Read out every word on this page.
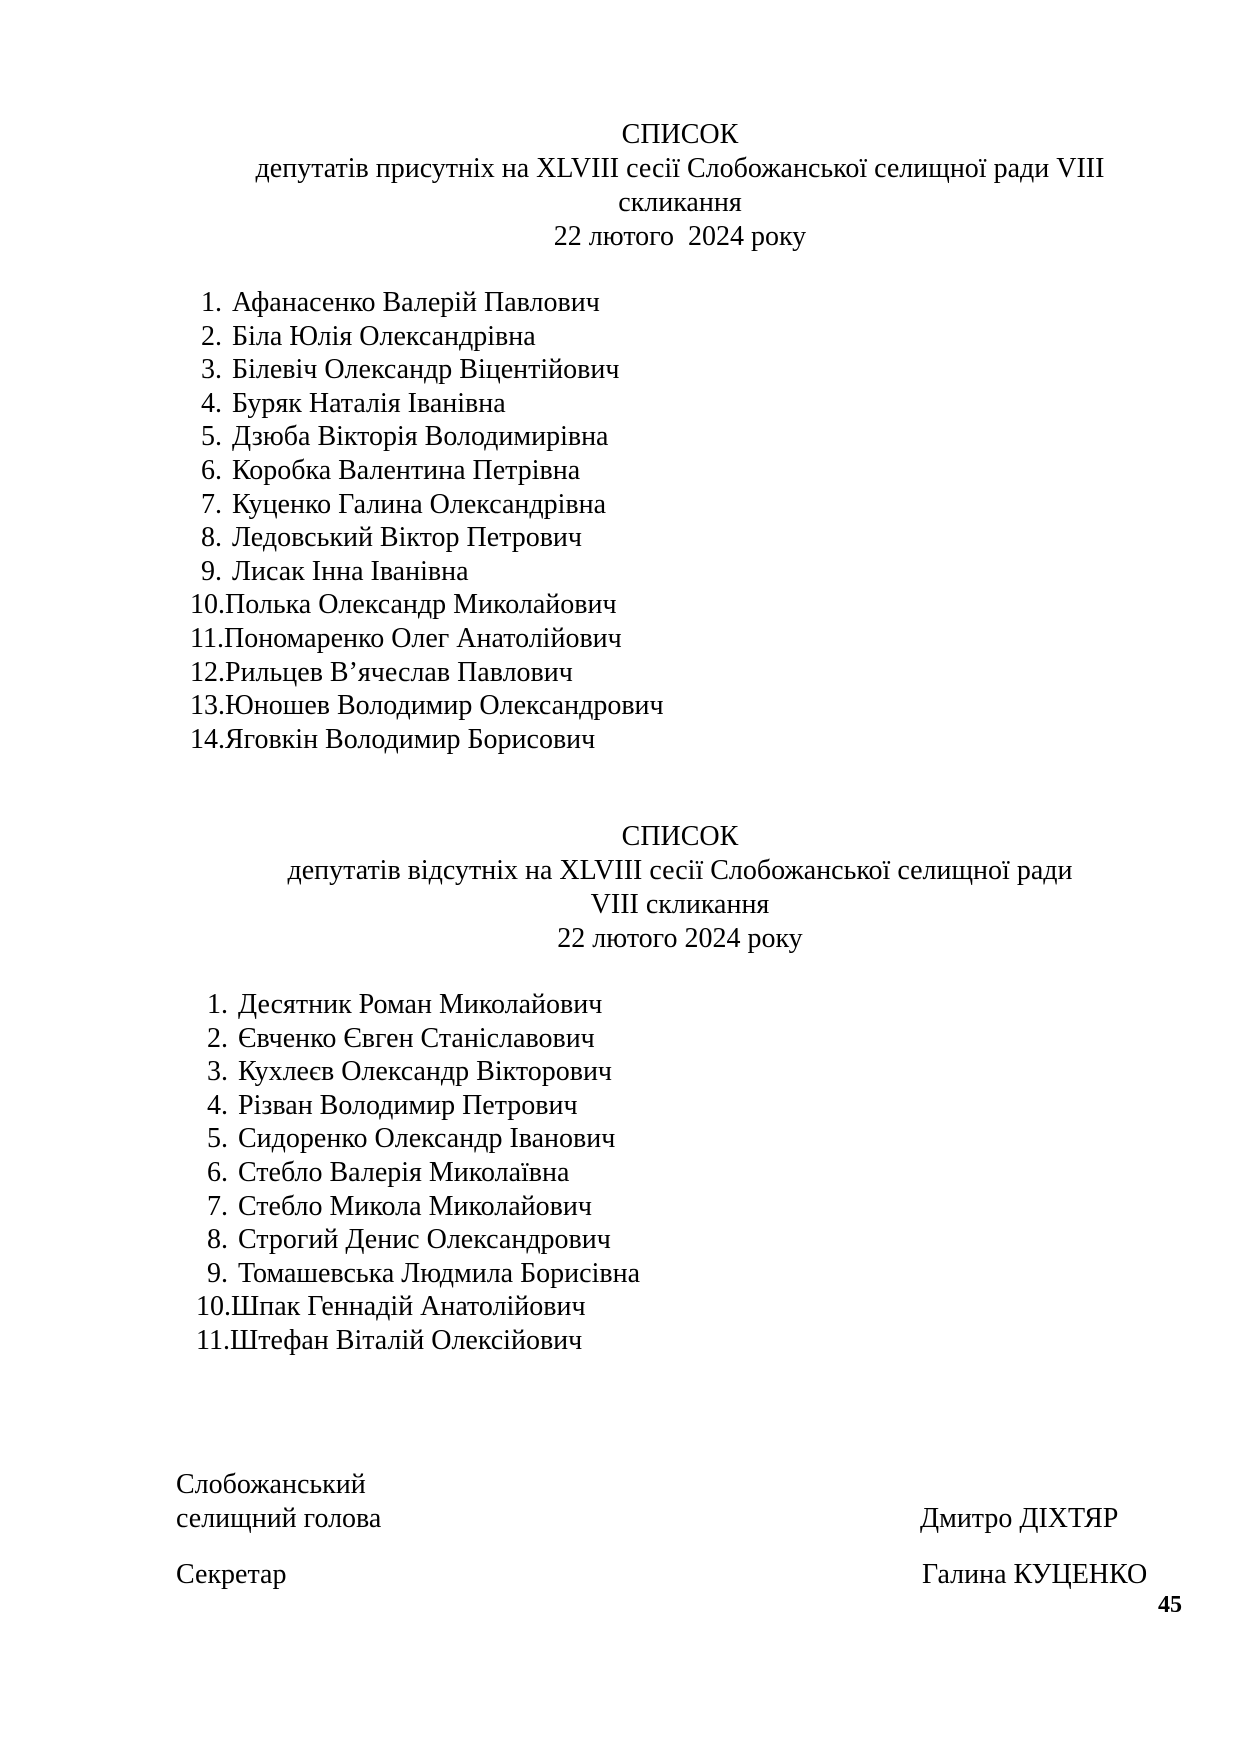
СПИСОК
депутатів присутніх на XLVIII сесії Слобожанської селищної ради VIII
скликання
22 лютого  2024 року
1. Афанасенко Валерій Павлович
2. Біла Юлія Олександрівна
3. Білевіч Олександр Віцентійович
4. Буряк Наталія Іванівна
5. Дзюба Вікторія Володимирівна
6. Коробка Валентина Петрівна
7. Куценко Галина Олександрівна
8. Ледовський Віктор Петрович
9. Лисак Інна Іванівна
10. Полька Олександр Миколайович
11. Пономаренко Олег Анатолійович
12. Рильцев В’ячеслав Павлович
13. Юношев Володимир Олександрович
14. Яговкін Володимир Борисович
СПИСОК
депутатів відсутніх на XLVIII сесії Слобожанської селищної ради
VIII скликання
22 лютого 2024 року
1. Десятник Роман Миколайович
2. Євченко Євген Станіславович
3. Кухлеєв Олександр Вікторович
4. Різван Володимир Петрович
5. Сидоренко Олександр Іванович
6. Стебло Валерія Миколаївна
7. Стебло Микола Миколайович
8. Строгий Денис Олександрович
9. Томашевська Людмила Борисівна
10. Шпак Геннадій Анатолійович
11. Штефан Віталій Олексійович
Слобожанський
селищний голова	Дмитро ДІХТЯР
Секретар	Галина КУЦЕНКО
45
